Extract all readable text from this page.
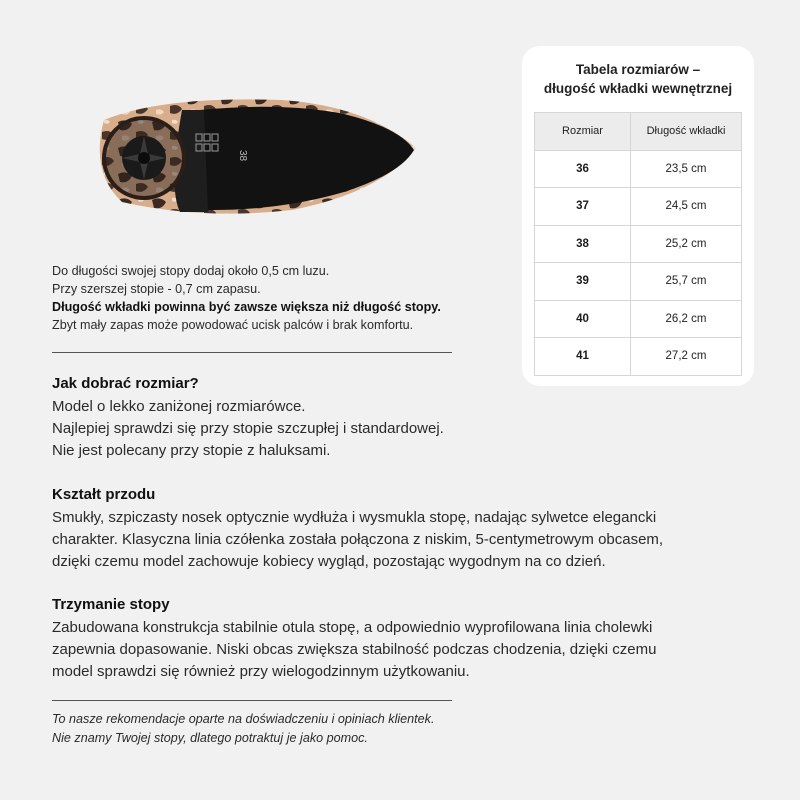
38
Tabela rozmiarów –
długość wkładki wewnętrznej
Rozmiar	Długość wkładki
36	23,5 cm
37	24,5 cm
38	25,2 cm
39	25,7 cm
40	26,2 cm
41	27,2 cm
Do długości swojej stopy dodaj około 0,5 cm luzu.
Przy szerszej stopie - 0,7 cm zapasu.
Długość wkładki powinna być zawsze większa niż długość stopy.
Zbyt mały zapas może powodować ucisk palców i brak komfortu.
Jak dobrać rozmiar?

Model o lekko zaniżonej rozmiarówce.
Najlepiej sprawdzi się przy stopie szczupłej i standardowej.
Nie jest polecany przy stopie z haluksami.

Kształt przodu

Smukły, szpiczasty nosek optycznie wydłuża i wysmukla stopę, nadając sylwetce elegancki
charakter. Klasyczna linia czółenka została połączona z niskim, 5-centymetrowym obcasem,
dzięki czemu model zachowuje kobiecy wygląd, pozostając wygodnym na co dzień.

Trzymanie stopy

Zabudowana konstrukcja stabilnie otula stopę, a odpowiednio wyprofilowana linia cholewki
zapewnia dopasowanie. Niski obcas zwiększa stabilność podczas chodzenia, dzięki czemu
model sprawdzi się również przy wielogodzinnym użytkowaniu.

To nasze rekomendacje oparte na doświadczeniu i opiniach klientek.
Nie znamy Twojej stopy, dlatego potraktuj je jako pomoc.
